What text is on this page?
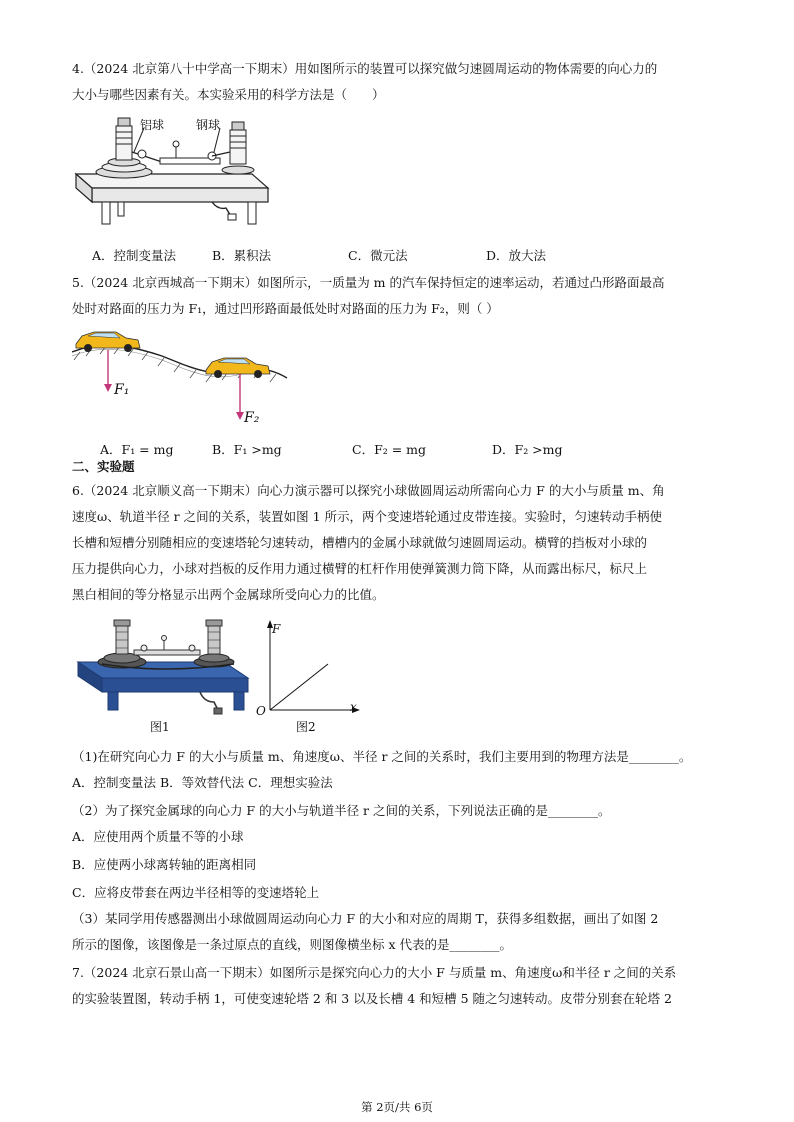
4.（2024 北京第八十中学高一下期末）用如图所示的装置可以探究做匀速圆周运动的物体需要的向心力的
大小与哪些因素有关。本实验采用的科学方法是（　　）
铝球	钢球
A．控制变量法	B．累积法	C．微元法	D．放大法
5.（2024 北京西城高一下期末）如图所示，一质量为 m 的汽车保持恒定的速率运动，若通过凸形路面最高
处时对路面的压力为 F₁，通过凹形路面最低处时对路面的压力为 F₂，则（ ）
F₁
F₂
A．F₁ = mg	B．F₁ >mg	C．F₂ = mg	D．F₂ >mg
二、实验题
6.（2024 北京顺义高一下期末）向心力演示器可以探究小球做圆周运动所需向心力 F 的大小与质量 m、角
速度ω、轨道半径 r 之间的关系，装置如图 1 所示，两个变速塔轮通过皮带连接。实验时，匀速转动手柄使
长槽和短槽分别随相应的变速塔轮匀速转动，槽槽内的金属小球就做匀速圆周运动。横臂的挡板对小球的
压力提供向心力，小球对挡板的反作用力通过横臂的杠杆作用使弹簧测力筒下降，从而露出标尺，标尺上
黑白相间的等分格显示出两个金属球所受向心力的比值。
图1
F
x
O
图2
（1)在研究向心力 F 的大小与质量 m、角速度ω、半径 r 之间的关系时，我们主要用到的物理方法是________。
A．控制变量法 B．等效替代法 C．理想实验法
（2）为了探究金属球的向心力 F 的大小与轨道半径 r 之间的关系，下列说法正确的是________。
A．应使用两个质量不等的小球
B．应使两小球离转轴的距离相同
C．应将皮带套在两边半径相等的变速塔轮上
（3）某同学用传感器测出小球做圆周运动向心力 F 的大小和对应的周期 T，获得多组数据，画出了如图 2
所示的图像，该图像是一条过原点的直线，则图像横坐标 x 代表的是________。
7.（2024 北京石景山高一下期末）如图所示是探究向心力的大小 F 与质量 m、角速度ω和半径 r 之间的关系
的实验装置图，转动手柄 1，可使变速轮塔 2 和 3 以及长槽 4 和短槽 5 随之匀速转动。皮带分别套在轮塔 2
第 2页/共 6页
